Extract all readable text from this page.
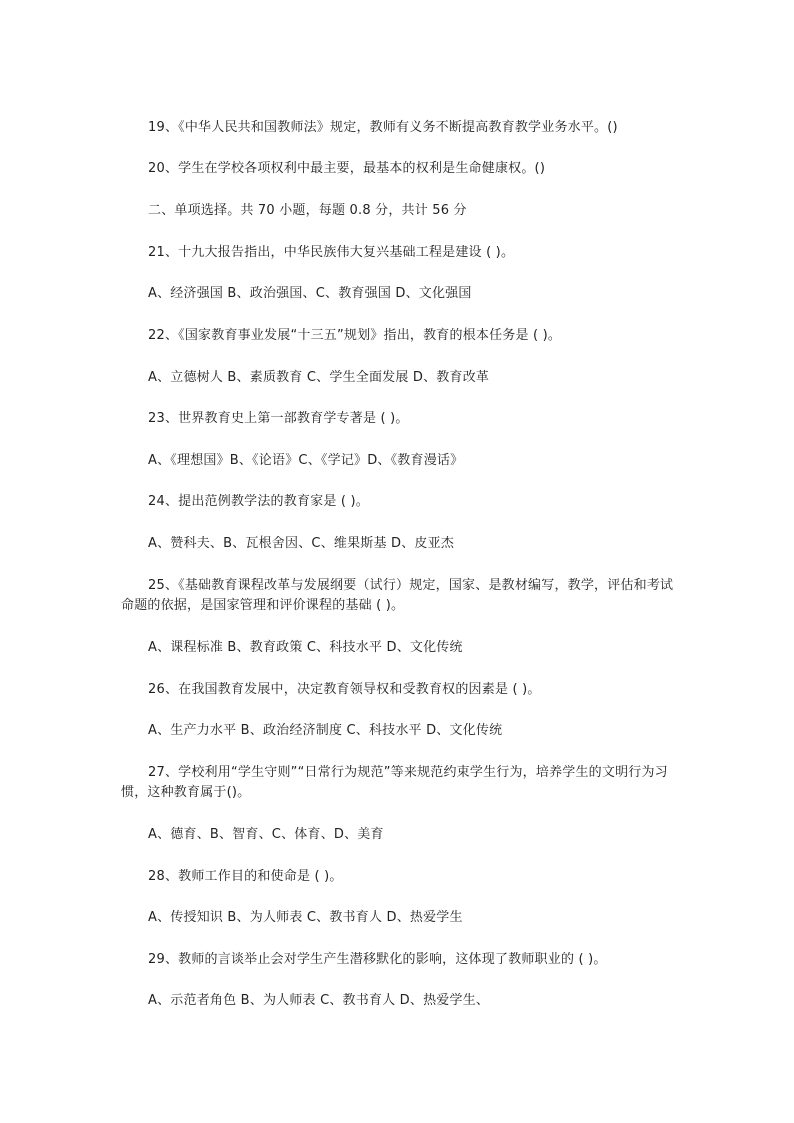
19、《中华人民共和国教师法》规定，教师有义务不断提高教育教学业务水平。()
20、学生在学校各项权利中最主要，最基本的权利是生命健康权。()
二、单项选择。共 70 小题，每题 0.8 分，共计 56 分
21、十九大报告指出，中华民族伟大复兴基础工程是建设 ( )。
A、经济强国 B、政治强国、C、教育强国 D、文化强国
22、《国家教育事业发展“十三五”规划》指出，教育的根本任务是 ( )。
A、立德树人 B、素质教育 C、学生全面发展 D、教育改革
23、世界教育史上第一部教育学专著是 ( )。
A、《理想国》B、《论语》C、《学记》D、《教育漫话》
24、提出范例教学法的教育家是 ( )。
A、赞科夫、B、瓦根舍因、C、维果斯基 D、皮亚杰
25、《基础教育课程改革与发展纲要（试行）规定，国家、是教材编写，教学，评估和考试命题的依据，是国家管理和评价课程的基础 ( )。
A、课程标准 B、教育政策 C、科技水平 D、文化传统
26、在我国教育发展中，决定教育领导权和受教育权的因素是 ( )。
A、生产力水平 B、政治经济制度 C、科技水平 D、文化传统
27、学校利用“学生守则”“日常行为规范”等来规范约束学生行为，培养学生的文明行为习惯，这种教育属于()。
A、德育、B、智育、C、体育、D、美育
28、教师工作目的和使命是 ( )。
A、传授知识 B、为人师表 C、教书育人 D、热爱学生
29、教师的言谈举止会对学生产生潜移默化的影响，这体现了教师职业的 ( )。
A、示范者角色 B、为人师表 C、教书育人 D、热爱学生、
